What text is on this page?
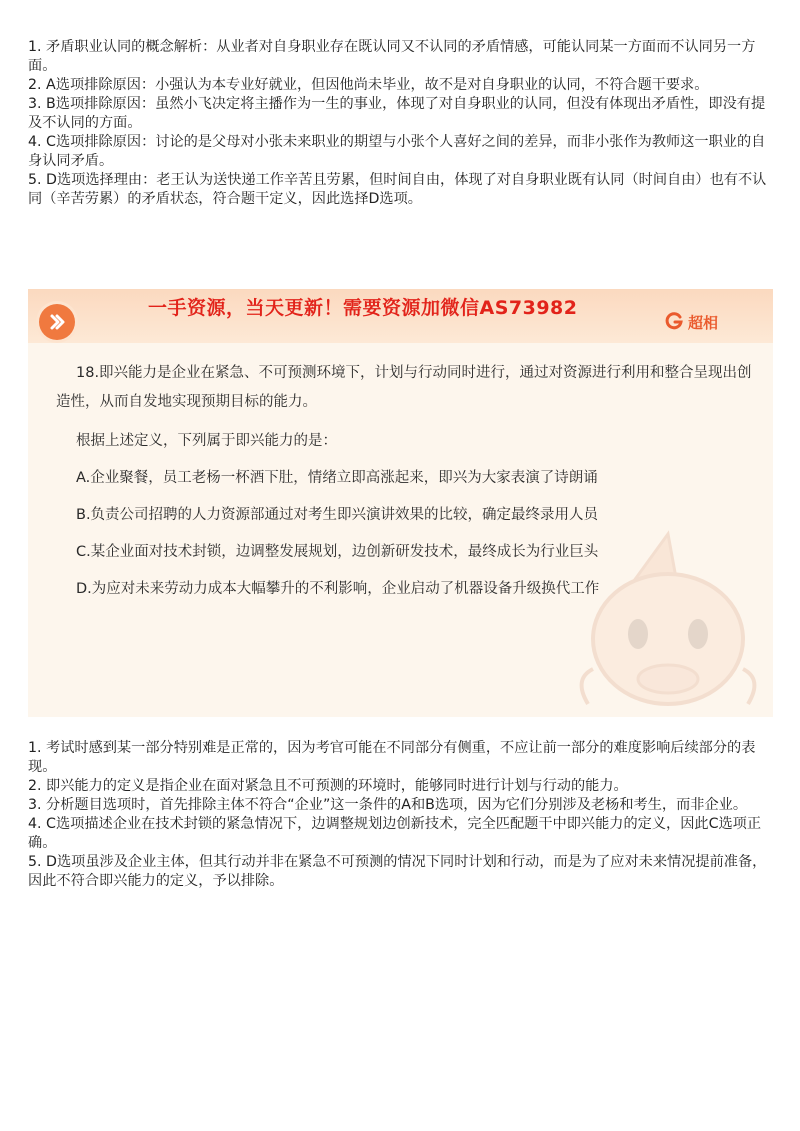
1. 矛盾职业认同的概念解析：从业者对自身职业存在既认同又不认同的矛盾情感，可能认同某一方面而不认同另一方面。

2. A选项排除原因：小强认为本专业好就业，但因他尚未毕业，故不是对自身职业的认同，不符合题干要求。

3. B选项排除原因：虽然小飞决定将主播作为一生的事业，体现了对自身职业的认同，但没有体现出矛盾性，即没有提及不认同的方面。

4. C选项排除原因：讨论的是父母对小张未来职业的期望与小张个人喜好之间的差异，而非小张作为教师这一职业的自身认同矛盾。

5. D选项选择理由：老王认为送快递工作辛苦且劳累，但时间自由，体现了对自身职业既有认同（时间自由）也有不认同（辛苦劳累）的矛盾状态，符合题干定义，因此选择D选项。

一手资源，当天更新！需要资源加微信AS73982
超相

18.即兴能力是企业在紧急、不可预测环境下，计划与行动同时进行，通过对资源进行利用和整合呈现出创造性，从而自发地实现预期目标的能力。

根据上述定义，下列属于即兴能力的是：

A.企业聚餐，员工老杨一杯酒下肚，情绪立即高涨起来，即兴为大家表演了诗朗诵

B.负责公司招聘的人力资源部通过对考生即兴演讲效果的比较，确定最终录用人员

C.某企业面对技术封锁，边调整发展规划，边创新研发技术，最终成长为行业巨头

D.为应对未来劳动力成本大幅攀升的不利影响，企业启动了机器设备升级换代工作

1. 考试时感到某一部分特别难是正常的，因为考官可能在不同部分有侧重，不应让前一部分的难度影响后续部分的表现。

2. 即兴能力的定义是指企业在面对紧急且不可预测的环境时，能够同时进行计划与行动的能力。

3. 分析题目选项时，首先排除主体不符合“企业”这一条件的A和B选项，因为它们分别涉及老杨和考生，而非企业。

4. C选项描述企业在技术封锁的紧急情况下，边调整规划边创新技术，完全匹配题干中即兴能力的定义，因此C选项正确。

5. D选项虽涉及企业主体，但其行动并非在紧急不可预测的情况下同时计划和行动，而是为了应对未来情况提前准备，因此不符合即兴能力的定义，予以排除。
